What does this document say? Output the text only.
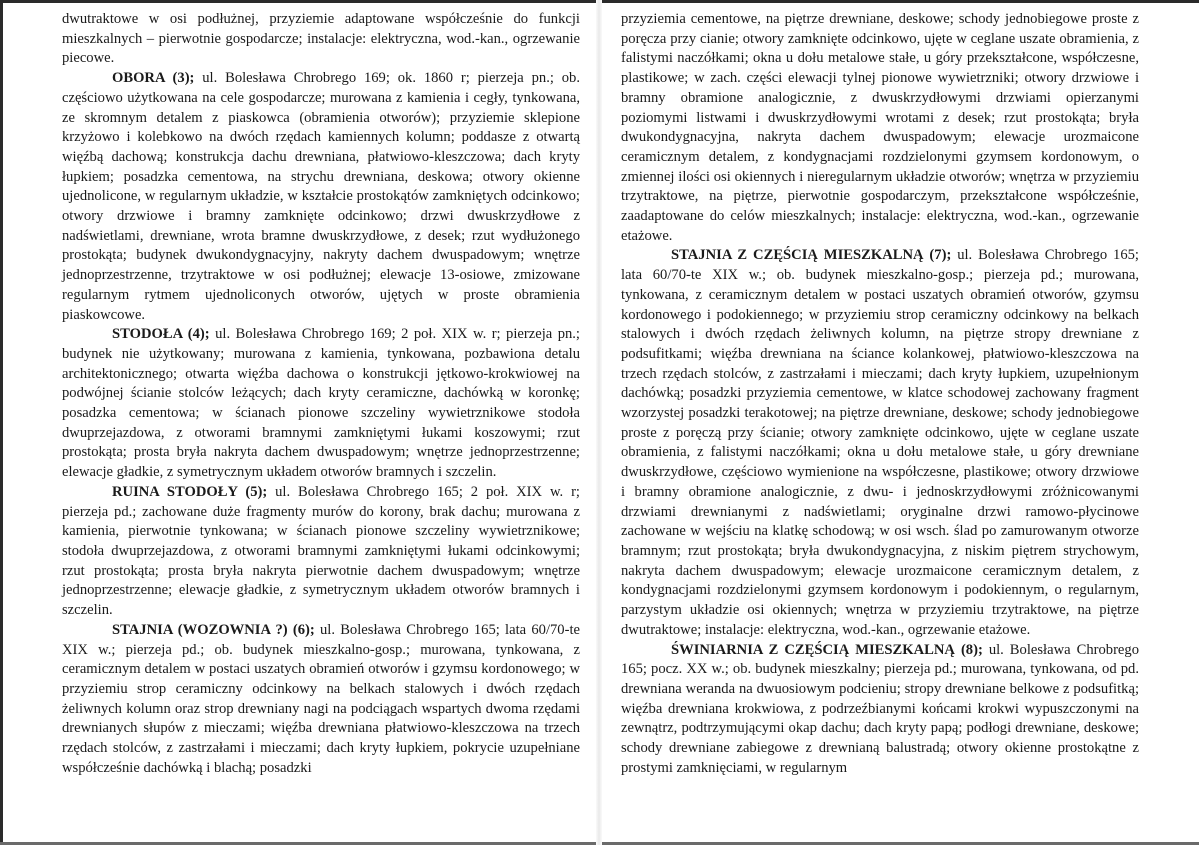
dwutraktowe w osi podłużnej, przyziemie adaptowane współcześnie do funkcji mieszkalnych – pierwotnie gospodarcze; instalacje: elektryczna, wod.-kan., ogrzewanie piecowe.

OBORA (3); ul. Bolesława Chrobrego 169; ok. 1860 r; pierzeja pn.; ob. częściowo użytkowana na cele gospodarcze; murowana z kamienia i cegły, tynkowana, ze skromnym detalem z piaskowca (obramienia otworów); przyziemie sklepione krzyżowo i kolebkowo na dwóch rzędach kamiennych kolumn; poddasze z otwartą więźbą dachową; konstrukcja dachu drewniana, płatwiowo-kleszczowa; dach kryty łupkiem; posadzka cementowa, na strychu drewniana, deskowa; otwory okienne ujednolicone, w regularnym układzie, w kształcie prostokątów zamkniętych odcinkowo; otwory drzwiowe i bramny zamknięte odcinkowo; drzwi dwuskrzydłowe z nadświetlami, drewniane, wrota bramne dwuskrzydłowe, z desek; rzut wydłużonego prostokąta; budynek dwukondygnacyjny, nakryty dachem dwuspadowym; wnętrze jednoprzestrzenne, trzytraktowe w osi podłużnej; elewacje 13-osiowe, zmizowane regularnym rytmem ujednoliconych otworów, ujętych w proste obramienia piaskowcowe.

STODOŁA (4); ul. Bolesława Chrobrego 169; 2 poł. XIX w. r; pierzeja pn.; budynek nie użytkowany; murowana z kamienia, tynkowana, pozbawiona detalu architektonicznego; otwarta więźba dachowa o konstrukcji jętkowo-krokwiowej na podwójnej ścianie stolców leżących; dach kryty ceramiczne, dachówką w koronkę; posadzka cementowa; w ścianach pionowe szczeliny wywietrznikowe stodoła dwuprzejazdowa, z otworami bramnymi zamkniętymi łukami koszowymi; rzut prostokąta; prosta bryła nakryta dachem dwuspadowym; wnętrze jednoprzestrzenne; elewacje gładkie, z symetrycznym układem otworów bramnych i szczelin.

RUINA STODOŁY (5); ul. Bolesława Chrobrego 165; 2 poł. XIX w. r; pierzeja pd.; zachowane duże fragmenty murów do korony, brak dachu; murowana z kamienia, pierwotnie tynkowana; w ścianach pionowe szczeliny wywietrznikowe; stodoła dwuprzejazdowa, z otworami bramnymi zamkniętymi łukami odcinkowymi; rzut prostokąta; prosta bryła nakryta pierwotnie dachem dwuspadowym; wnętrze jednoprzestrzenne; elewacje gładkie, z symetrycznym układem otworów bramnych i szczelin.

STAJNIA (WOZOWNIA ?) (6); ul. Bolesława Chrobrego 165; lata 60/70-te XIX w.; pierzeja pd.; ob. budynek mieszkalno-gosp.; murowana, tynkowana, z ceramicznym detalem w postaci uszatych obramień otworów i gzymsu kordonowego; w przyziemiu strop ceramiczny odcinkowy na belkach stalowych i dwóch rzędach żeliwnych kolumn oraz strop drewniany nagi na podciągach wspartych dwoma rzędami drewnianych słupów z mieczami; więźba drewniana płatwiowo-kleszczowa na trzech rzędach stolców, z zastrzałami i mieczami; dach kryty łupkiem, pokrycie uzupełniane współcześnie dachówką i blachą; posadzki

przyziemia cementowe, na piętrze drewniane, deskowe; schody jednobiegowe proste z poręcza przy cianie; otwory zamknięte odcinkowo, ujęte w ceglane uszate obramienia, z falistymi naczółkami; okna u dołu metalowe stałe, u góry przekształcone, współczesne, plastikowe; w zach. części elewacji tylnej pionowe wywietrzniki; otwory drzwiowe i bramny obramione analogicznie, z dwuskrzydłowymi drzwiami opierzanymi poziomymi listwami i dwuskrzydłowymi wrotami z desek; rzut prostokąta; bryła dwukondygnacyjna, nakryta dachem dwuspadowym; elewacje urozmaicone ceramicznym detalem, z kondygnacjami rozdzielonymi gzymsem kordonowym, o zmiennej ilości osi okiennych i nieregularnym układzie otworów; wnętrza w przyziemiu trzytraktowe, na piętrze, pierwotnie gospodarczym, przekształcone współcześnie, zaadaptowane do celów mieszkalnych; instalacje: elektryczna, wod.-kan., ogrzewanie etażowe.

STAJNIA Z CZĘŚCIĄ MIESZKALNĄ (7); ul. Bolesława Chrobrego 165; lata 60/70-te XIX w.; ob. budynek mieszkalno-gosp.; pierzeja pd.; murowana, tynkowana, z ceramicznym detalem w postaci uszatych obramień otworów, gzymsu kordonowego i podokiennego; w przyziemiu strop ceramiczny odcinkowy na belkach stalowych i dwóch rzędach żeliwnych kolumn, na piętrze stropy drewniane z podsufitkami; więźba drewniana na ściance kolankowej, płatwiowo-kleszczowa na trzech rzędach stolców, z zastrzałami i mieczami; dach kryty łupkiem, uzupełnionym dachówką; posadzki przyziemia cementowe, w klatce schodowej zachowany fragment wzorzystej posadzki terakotowej; na piętrze drewniane, deskowe; schody jednobiegowe proste z poręczą przy ścianie; otwory zamknięte odcinkowo, ujęte w ceglane uszate obramienia, z falistymi naczółkami; okna u dołu metalowe stałe, u góry drewniane dwuskrzydłowe, częściowo wymienione na współczesne, plastikowe; otwory drzwiowe i bramny obramione analogicznie, z dwu- i jednoskrzydłowymi zróżnicowanymi drzwiami drewnianymi z nadświetlami; oryginalne drzwi ramowo-płycinowe zachowane w wejściu na klatkę schodową; w osi wsch. ślad po zamurowanym otworze bramnym; rzut prostokąta; bryła dwukondygnacyjna, z niskim piętrem strychowym, nakryta dachem dwuspadowym; elewacje urozmaicone ceramicznym detalem, z kondygnacjami rozdzielonymi gzymsem kordonowym i podokiennym, o regularnym, parzystym układzie osi okiennych; wnętrza w przyziemiu trzytraktowe, na piętrze dwutraktowe; instalacje: elektryczna, wod.-kan., ogrzewanie etażowe.

ŚWINIARNIA Z CZĘŚCIĄ MIESZKALNĄ (8); ul. Bolesława Chrobrego 165; pocz. XX w.; ob. budynek mieszkalny; pierzeja pd.; murowana, tynkowana, od pd. drewniana weranda na dwuosiowym podcieniu; stropy drewniane belkowe z podsufitką; więźba drewniana krokwiowa, z podrzeźbianymi końcami krokwi wypuszczonymi na zewnątrz, podtrzymującymi okap dachu; dach kryty papą; podłogi drewniane, deskowe; schody drewniane zabiegowe z drewnianą balustradą; otwory okienne prostokątne z prostymi zamknięciami, w regularnym
